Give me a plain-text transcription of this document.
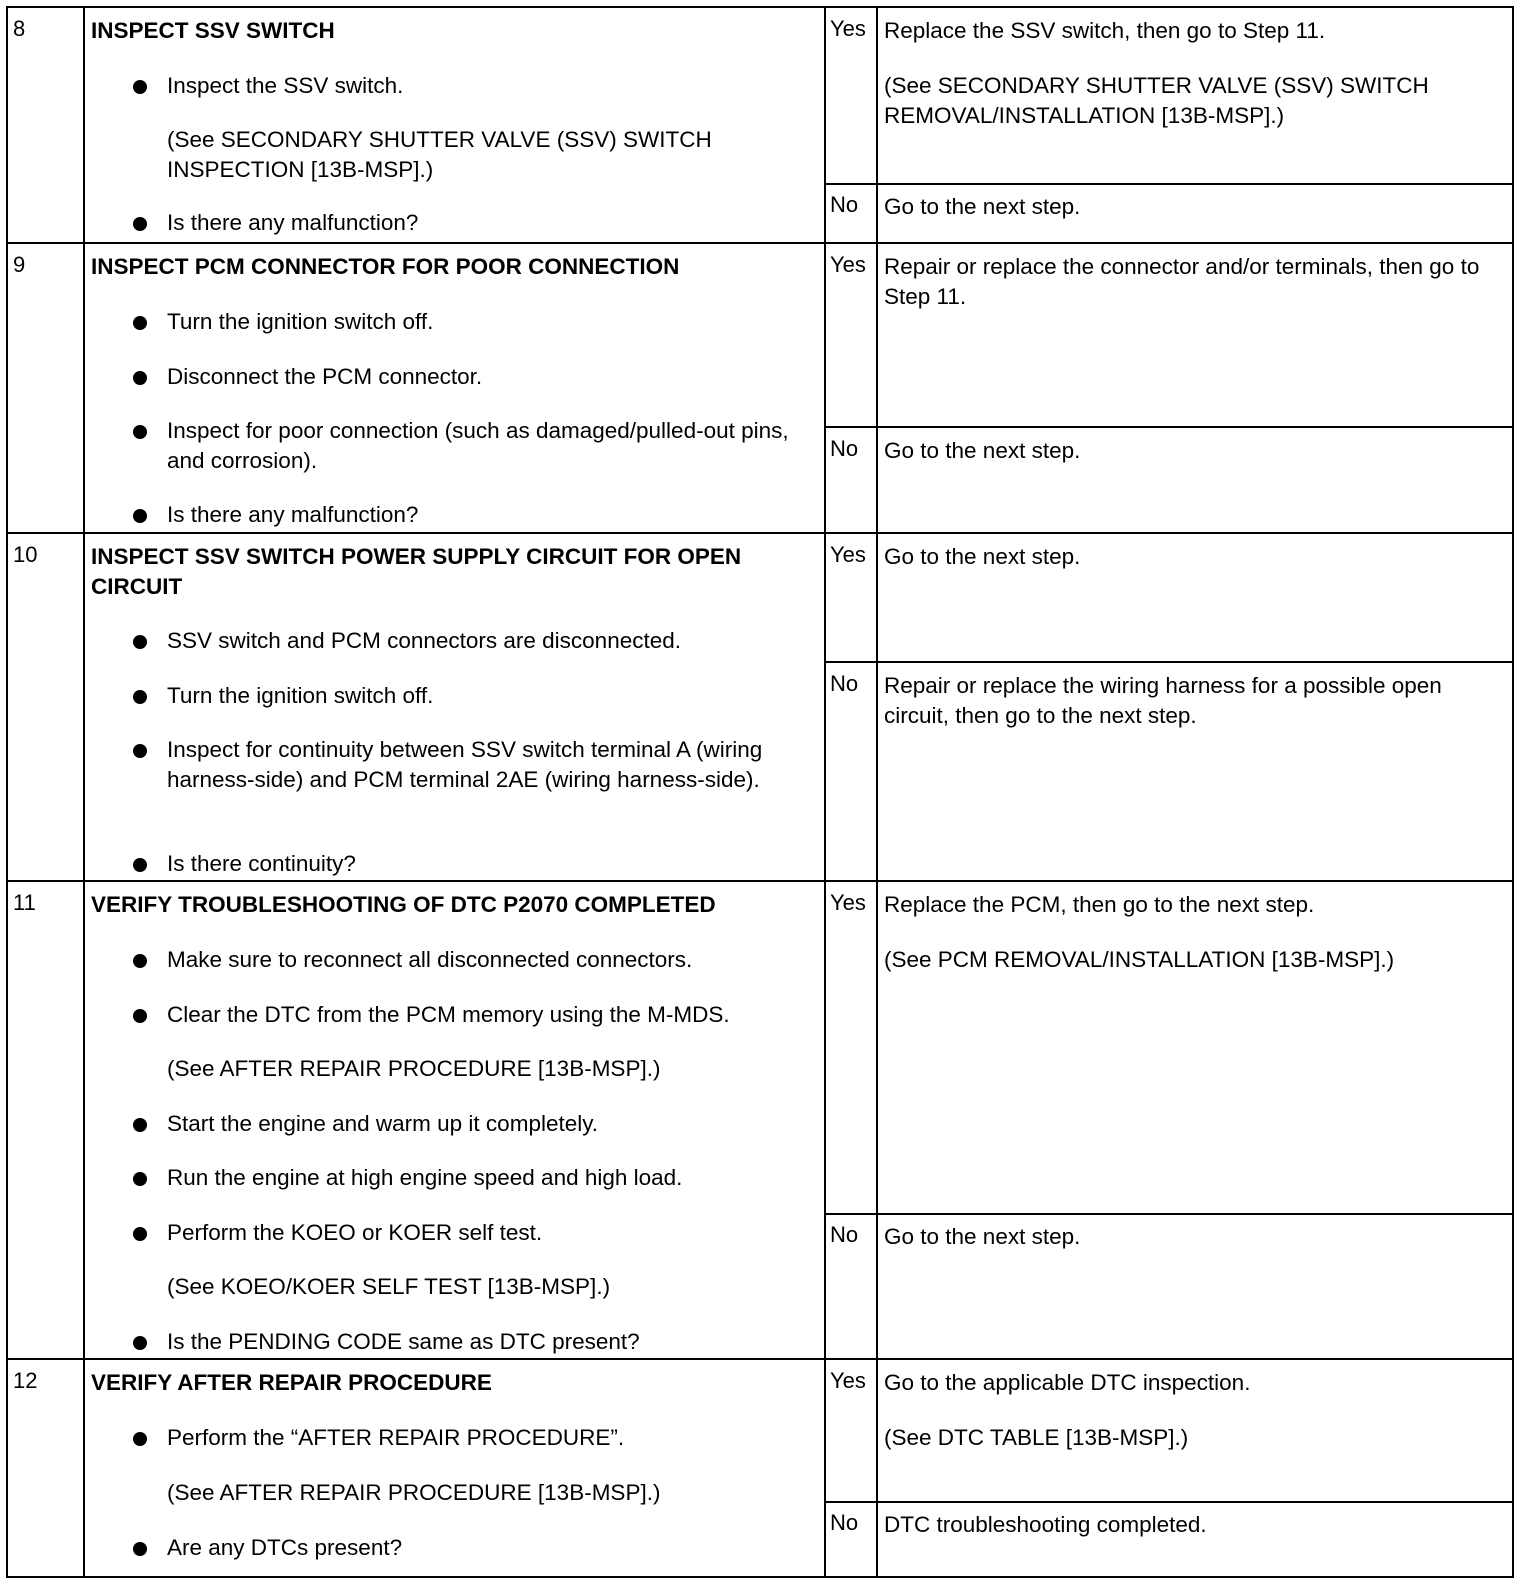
8	INSPECT SSV SWITCH
Inspect the SSV switch.
(See SECONDARY SHUTTER VALVE (SSV) SWITCH INSPECTION [13B-MSP].)
Is there any malfunction?
Yes
No
Replace the SSV switch, then go to Step 11.
(See SECONDARY SHUTTER VALVE (SSV) SWITCH REMOVAL/INSTALLATION [13B-MSP].)
Go to the next step.
9	INSPECT PCM CONNECTOR FOR POOR CONNECTION
Turn the ignition switch off.
Disconnect the PCM connector.
Inspect for poor connection (such as damaged/pulled-out pins, and corrosion).
Is there any malfunction?
Yes
No
Repair or replace the connector and/or terminals, then go to Step 11.
Go to the next step.
10 INSPECT SSV SWITCH POWER SUPPLY CIRCUIT FOR OPEN CIRCUIT
SSV switch and PCM connectors are disconnected.
Turn the ignition switch off.
Inspect for continuity between SSV switch terminal A (wiring harness-side) and PCM terminal 2AE (wiring harness-side).
Is there continuity?
Yes
No
Go to the next step.
Repair or replace the wiring harness for a possible open circuit, then go to the next step.
11 VERIFY TROUBLESHOOTING OF DTC P2070 COMPLETED
Make sure to reconnect all disconnected connectors.
Clear the DTC from the PCM memory using the M-MDS.
(See AFTER REPAIR PROCEDURE [13B-MSP].)
Start the engine and warm up it completely.
Run the engine at high engine speed and high load.
Perform the KOEO or KOER self test.
(See KOEO/KOER SELF TEST [13B-MSP].)
Is the PENDING CODE same as DTC present?
Yes
No
Replace the PCM, then go to the next step.
(See PCM REMOVAL/INSTALLATION [13B-MSP].)
Go to the next step.
12 VERIFY AFTER REPAIR PROCEDURE
Perform the “AFTER REPAIR PROCEDURE”.
(See AFTER REPAIR PROCEDURE [13B-MSP].)
Are any DTCs present?
Yes
No
Go to the applicable DTC inspection.
(See DTC TABLE [13B-MSP].)
DTC troubleshooting completed.
